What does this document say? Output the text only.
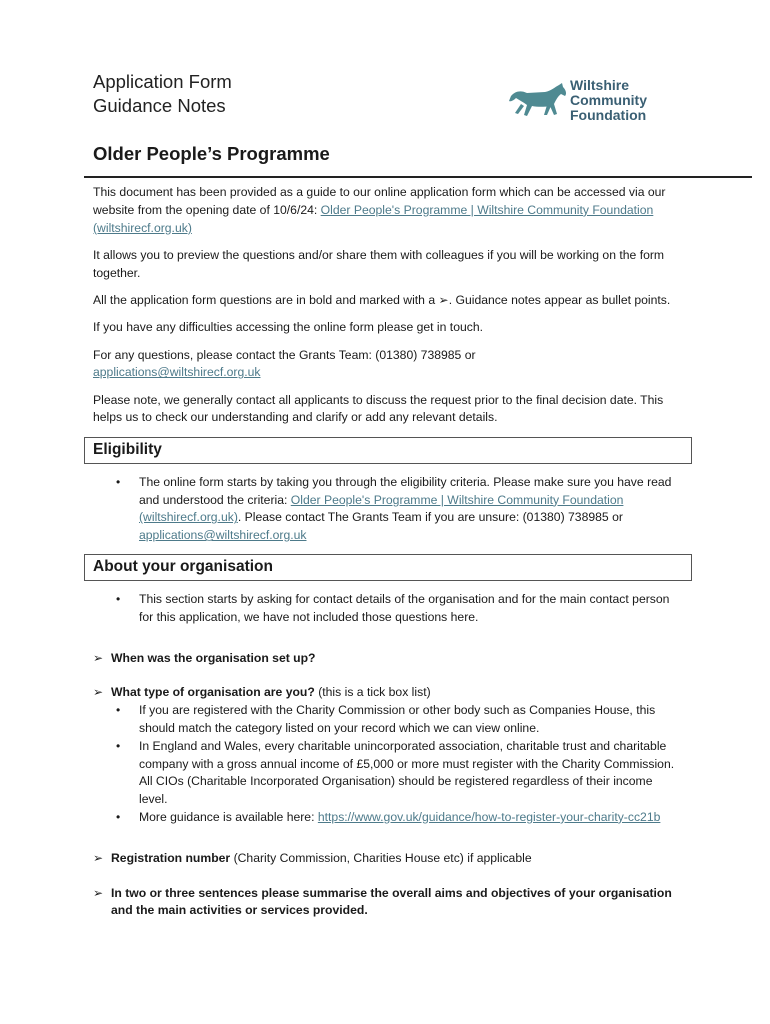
Application Form
Guidance Notes
Wiltshire
Community
Foundation
Older People’s Programme

This document has been provided as a guide to our online application form which can be accessed via our website from the opening date of 10/6/24: Older People's Programme | Wiltshire Community Foundation (wiltshirecf.org.uk)

It allows you to preview the questions and/or share them with colleagues if you will be working on the form together.

All the application form questions are in bold and marked with a ➢. Guidance notes appear as bullet points.

If you have any difficulties accessing the online form please get in touch.

For any questions, please contact the Grants Team: (01380) 738985 or
applications@wiltshirecf.org.uk

Please note, we generally contact all applicants to discuss the request prior to the final decision date. This helps us to check our understanding and clarify or add any relevant details.

Eligibility
• The online form starts by taking you through the eligibility criteria. Please make sure you have read and understood the criteria: Older People's Programme | Wiltshire Community Foundation (wiltshirecf.org.uk). Please contact The Grants Team if you are unsure: (01380) 738985 or applications@wiltshirecf.org.uk
About your organisation
• This section starts by asking for contact details of the organisation and for the main contact person for this application, we have not included those questions here.
➢ When was the organisation set up?
➢ What type of organisation are you? (this is a tick box list)
• If you are registered with the Charity Commission or other body such as Companies House, this should match the category listed on your record which we can view online.
• In England and Wales, every charitable unincorporated association, charitable trust and charitable company with a gross annual income of £5,000 or more must register with the Charity Commission. All CIOs (Charitable Incorporated Organisation) should be registered regardless of their income level.
• More guidance is available here: https://www.gov.uk/guidance/how-to-register-your-charity-cc21b
➢ Registration number (Charity Commission, Charities House etc) if applicable
➢ In two or three sentences please summarise the overall aims and objectives of your organisation and the main activities or services provided.
